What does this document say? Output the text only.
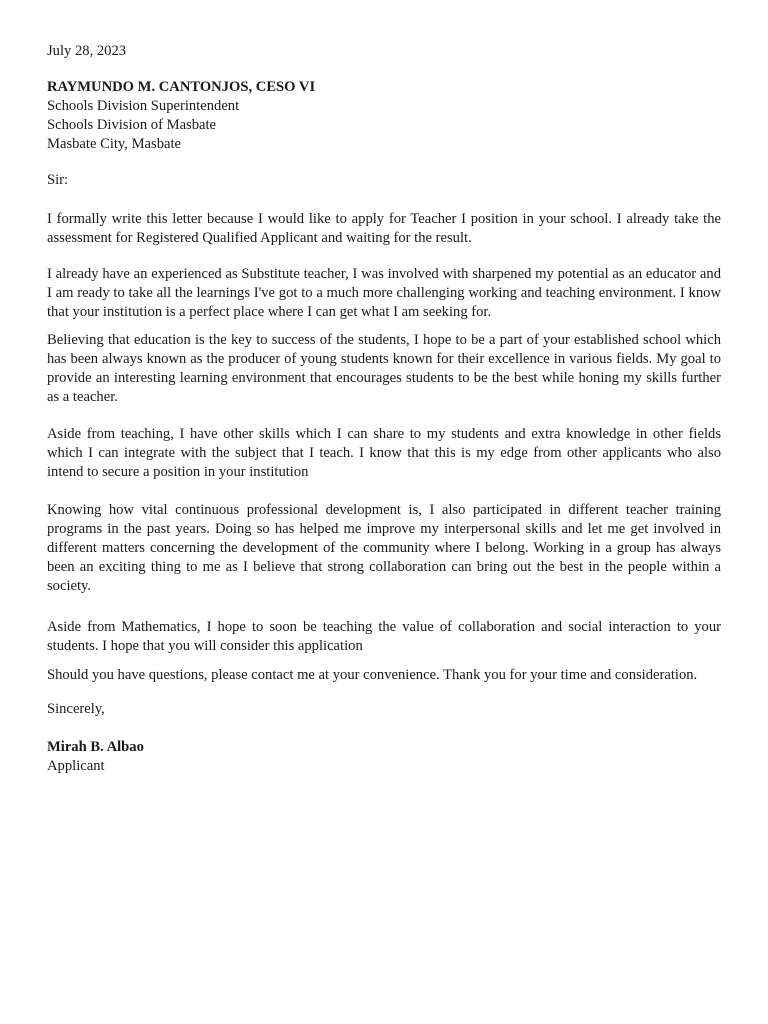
July 28, 2023
RAYMUNDO M. CANTONJOS, CESO VI
Schools Division Superintendent
Schools Division of Masbate
Masbate City, Masbate
Sir:

I formally write this letter because I would like to apply for Teacher I position in your school. I already take the assessment for Registered Qualified Applicant and waiting for the result.

I already have an experienced as Substitute teacher, I was involved with sharpened my potential as an educator and I am ready to take all the learnings I've got to a much more challenging working and teaching environment. I know that your institution is a perfect place where I can get what I am seeking for.

Believing that education is the key to success of the students, I hope to be a part of your established school which has been always known as the producer of young students known for their excellence in various fields. My goal to provide an interesting learning environment that encourages students to be the best while honing my skills further as a teacher.

Aside from teaching, I have other skills which I can share to my students and extra knowledge in other fields which I can integrate with the subject that I teach. I know that this is my edge from other applicants who also intend to secure a position in your institution

Knowing how vital continuous professional development is, I also participated in different teacher training programs in the past years. Doing so has helped me improve my interpersonal skills and let me get involved in different matters concerning the development of the community where I belong. Working in a group has always been an exciting thing to me as I believe that strong collaboration can bring out the best in the people within a society.

Aside from Mathematics, I hope to soon be teaching the value of collaboration and social interaction to your students. I hope that you will consider this application

Should you have questions, please contact me at your convenience. Thank you for your time and consideration.

Sincerely,
Mirah B. Albao
Applicant
